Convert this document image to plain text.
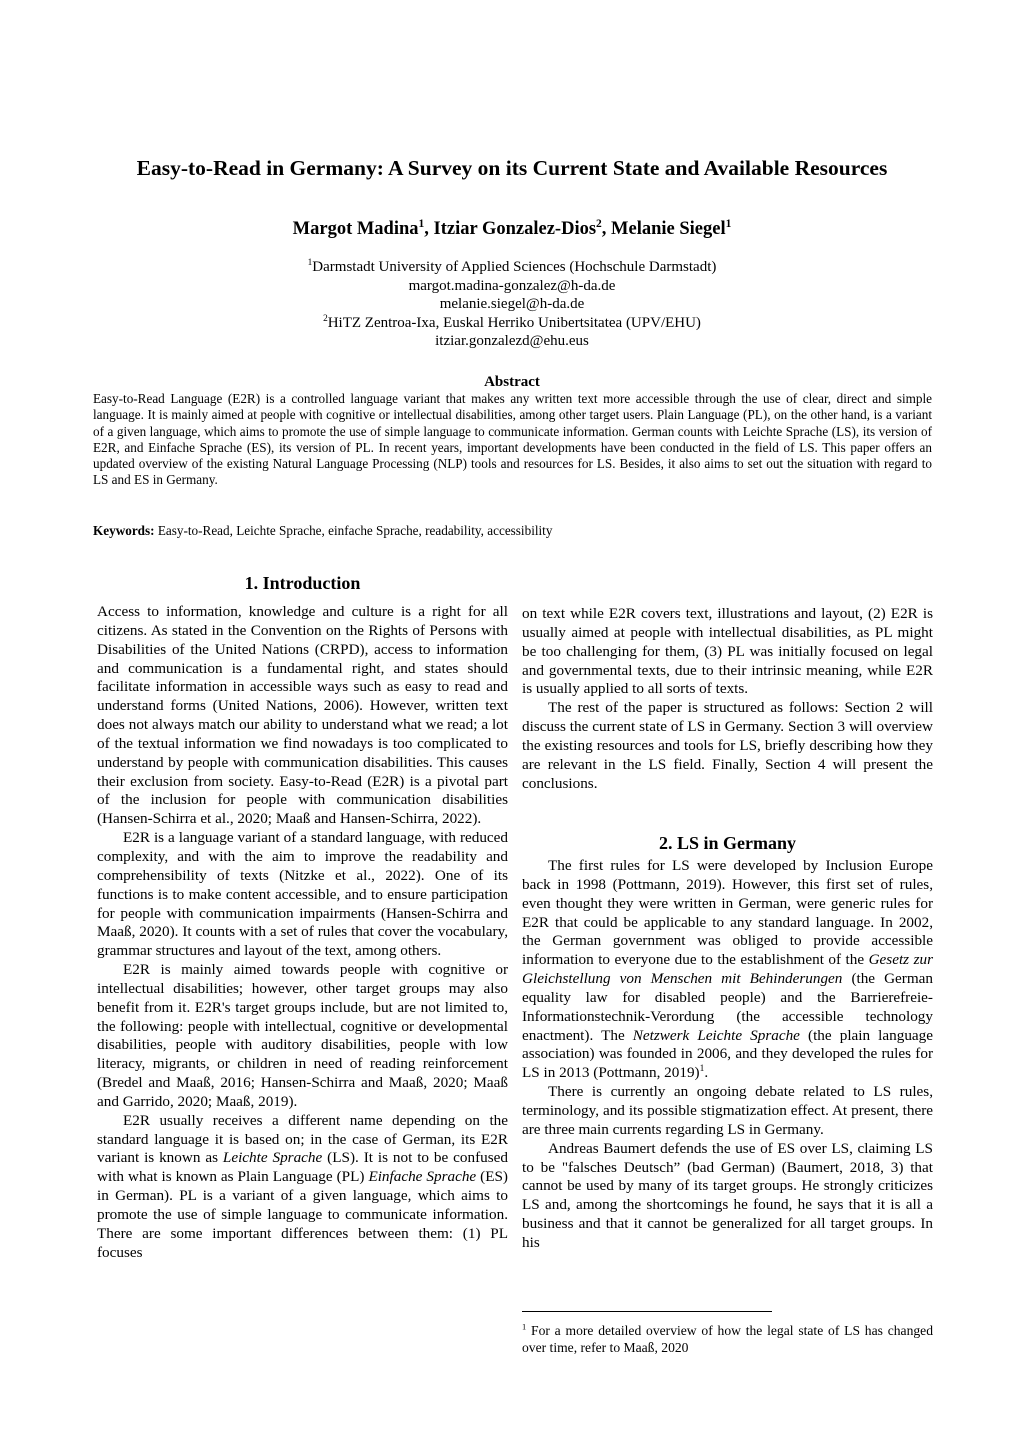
Easy-to-Read in Germany: A Survey on its Current State and Available Resources
Margot Madina$^1$, Itziar Gonzalez-Dios$^2$, Melanie Siegel$^1$
$^1$Darmstadt University of Applied Sciences (Hochschule Darmstadt)
margot.madina-gonzalez@h-da.de
melanie.siegel@h-da.de
$^2$HiTZ Zentroa-Ixa, Euskal Herriko Unibertsitatea (UPV/EHU)
itziar.gonzalezd@ehu.eus
Abstract
Easy-to-Read Language (E2R) is a controlled language variant that makes any written text more accessible through the use of clear, direct and simple language. It is mainly aimed at people with cognitive or intellectual disabilities, among other target users. Plain Language (PL), on the other hand, is a variant of a given language, which aims to promote the use of simple language to communicate information. German counts with Leichte Sprache (LS), its version of E2R, and Einfache Sprache (ES), its version of PL. In recent years, important developments have been conducted in the field of LS. This paper offers an updated overview of the existing Natural Language Processing (NLP) tools and resources for LS. Besides, it also aims to set out the situation with regard to LS and ES in Germany.
Keywords: Easy-to-Read, Leichte Sprache, einfache Sprache, readability, accessibility
1. Introduction

Access to information, knowledge and culture is a right for all citizens. As stated in the Convention on the Rights of Persons with Disabilities of the United Nations (CRPD), access to information and communication is a fundamental right, and states should facilitate information in accessible ways such as easy to read and understand forms (United Nations, 2006). However, written text does not always match our ability to understand what we read; a lot of the textual information we find nowadays is too complicated to understand by people with communication disabilities. This causes their exclusion from society. Easy-to-Read (E2R) is a pivotal part of the inclusion for people with communication disabilities (Hansen-Schirra et al., 2020; Maaß and Hansen-Schirra, 2022).

E2R is a language variant of a standard language, with reduced complexity, and with the aim to improve the readability and comprehensibility of texts (Nitzke et al., 2022). One of its functions is to make content accessible, and to ensure participation for people with communication impairments (Hansen-Schirra and Maaß, 2020). It counts with a set of rules that cover the vocabulary, grammar structures and layout of the text, among others.

E2R is mainly aimed towards people with cognitive or intellectual disabilities; however, other target groups may also benefit from it. E2R's target groups include, but are not limited to, the following: people with intellectual, cognitive or developmental disabilities, people with auditory disabilities, people with low literacy, migrants, or children in need of reading reinforcement (Bredel and Maaß, 2016; Hansen-Schirra and Maaß, 2020; Maaß and Garrido, 2020; Maaß, 2019).

E2R usually receives a different name depending on the standard language it is based on; in the case of German, its E2R variant is known as Leichte Sprache (LS). It is not to be confused with what is known as Plain Language (PL) Einfache Sprache (ES) in German). PL is a variant of a given language, which aims to promote the use of simple language to communicate information. There are some important differences between them: (1) PL focuses

on text while E2R covers text, illustrations and layout, (2) E2R is usually aimed at people with intellectual disabilities, as PL might be too challenging for them, (3) PL was initially focused on legal and governmental texts, due to their intrinsic meaning, while E2R is usually applied to all sorts of texts.

The rest of the paper is structured as follows: Section 2 will discuss the current state of LS in Germany. Section 3 will overview the existing resources and tools for LS, briefly describing how they are relevant in the LS field. Finally, Section 4 will present the conclusions.

2. LS in Germany

The first rules for LS were developed by Inclusion Europe back in 1998 (Pottmann, 2019). However, this first set of rules, even thought they were written in German, were generic rules for E2R that could be applicable to any standard language. In 2002, the German government was obliged to provide accessible information to everyone due to the establishment of the Gesetz zur Gleichstellung von Menschen mit Behinderungen (the German equality law for disabled people) and the Barrierefreie-Informationstechnik-Verordung (the accessible technology enactment). The Netzwerk Leichte Sprache (the plain language association) was founded in 2006, and they developed the rules for LS in 2013 (Pottmann, 2019)$^1$.

There is currently an ongoing debate related to LS rules, terminology, and its possible stigmatization effect. At present, there are three main currents regarding LS in Germany.

Andreas Baumert defends the use of ES over LS, claiming LS to be "falsches Deutsch” (bad German) (Baumert, 2018, 3) that cannot be used by many of its target groups. He strongly criticizes LS and, among the shortcomings he found, he says that it is all a business and that it cannot be generalized for all target groups. In his

$^1$ For a more detailed overview of how the legal state of LS has changed over time, refer to Maaß, 2020
